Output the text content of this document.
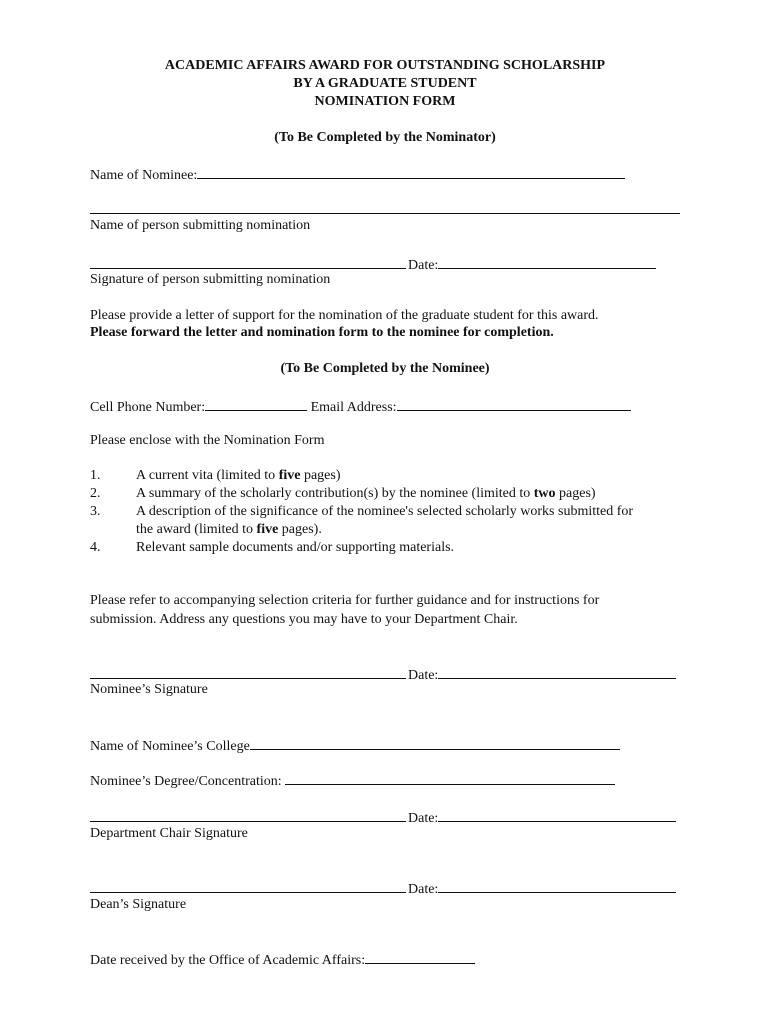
ACADEMIC AFFAIRS AWARD FOR OUTSTANDING SCHOLARSHIP
BY A GRADUATE STUDENT
NOMINATION FORM
(To Be Completed by the Nominator)
Name of Nominee:
Name of person submitting nomination
Date:
Signature of person submitting nomination
Please provide a letter of support for the nomination of the graduate student for this award.
Please forward the letter and nomination form to the nominee for completion.
(To Be Completed by the Nominee)
Cell Phone Number:	Email Address:
Please enclose with the Nomination Form
1.	A current vita (limited to five pages)
2.	A summary of the scholarly contribution(s) by the nominee (limited to two pages)
3.	A description of the significance of the nominee's selected scholarly works submitted for
the award (limited to five pages).
4.	Relevant sample documents and/or supporting materials.
Please refer to accompanying selection criteria for further guidance and for instructions for
submission. Address any questions you may have to your Department Chair.
Date:
Nominee’s Signature
Name of Nominee’s College
Nominee’s Degree/Concentration:
Date:
Department Chair Signature
Date:
Dean’s Signature
Date received by the Office of Academic Affairs:
